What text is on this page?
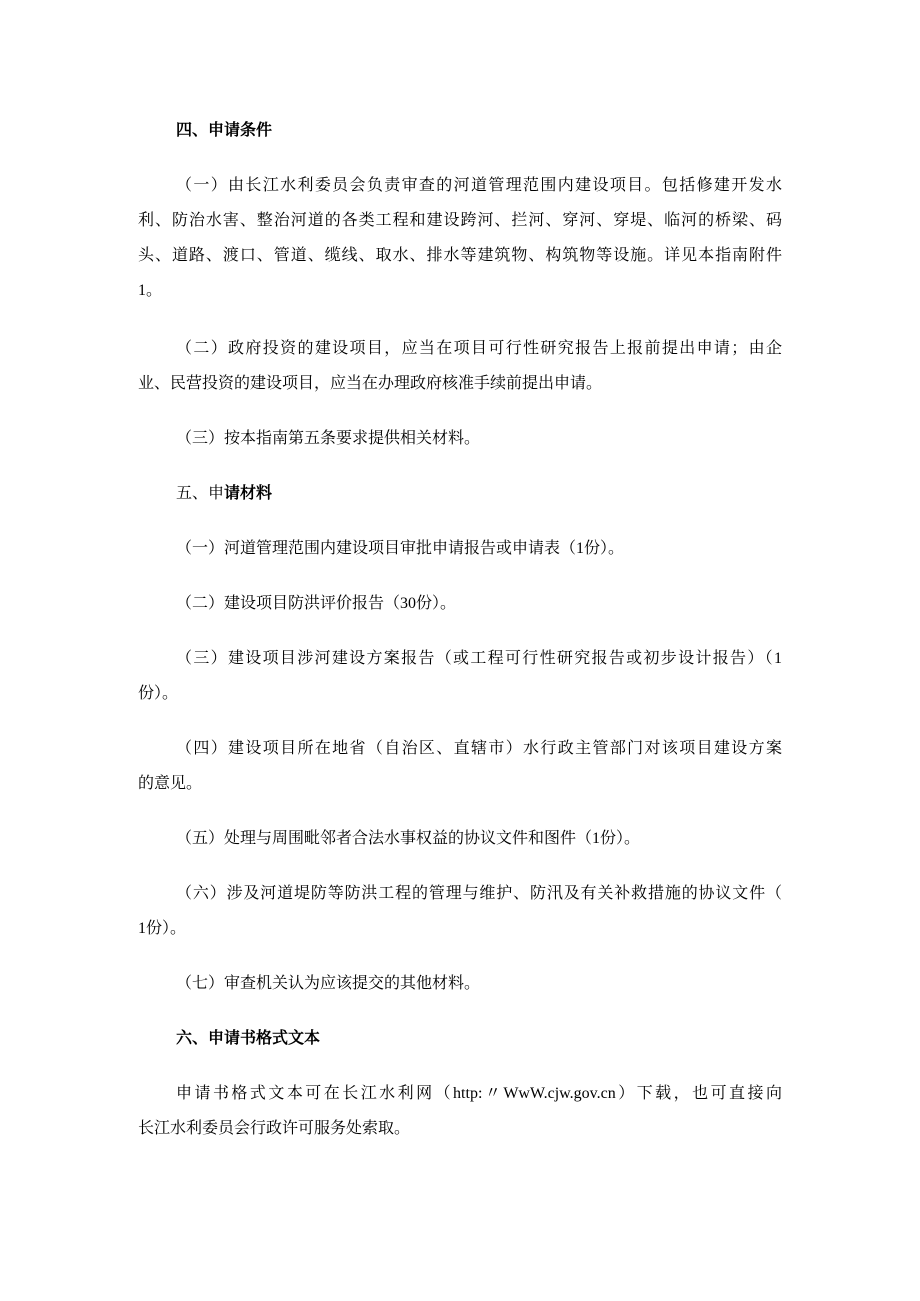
四、申请条件
（一）由长江水利委员会负责审查的河道管理范围内建设项目。包括修建开发水
利、防治水害、整治河道的各类工程和建设跨河、拦河、穿河、穿堤、临河的桥梁、码
头、道路、渡口、管道、缆线、取水、排水等建筑物、构筑物等设施。详见本指南附件
1。
（二）政府投资的建设项目，应当在项目可行性研究报告上报前提出申请；由企
业、民营投资的建设项目，应当在办理政府核准手续前提出申请。
（三）按本指南第五条要求提供相关材料。
五、申请材料
（一）河道管理范围内建设项目审批申请报告或申请表（1份）。
（二）建设项目防洪评价报告（30份）。
（三）建设项目涉河建设方案报告（或工程可行性研究报告或初步设计报告）（1
份）。
（四）建设项目所在地省（自治区、直辖市）水行政主管部门对该项目建设方案
的意见。
（五）处理与周围毗邻者合法水事权益的协议文件和图件（1份）。
（六）涉及河道堤防等防洪工程的管理与维护、防汛及有关补救措施的协议文件（
1份）。
（七）审查机关认为应该提交的其他材料。
六、申请书格式文本
申请书格式文本可在长江水利网（http:〃WwW.cjw.gov.cn）下载，也可直接向
长江水利委员会行政许可服务处索取。
